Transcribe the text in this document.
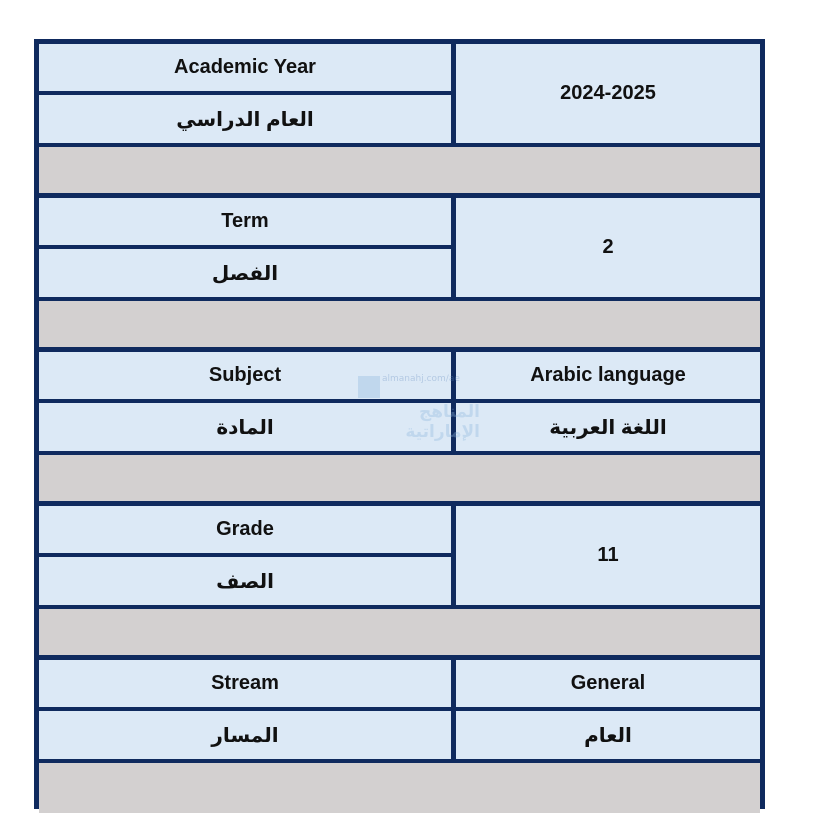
Academic Year
العام الدراسي
2024-2025
Term
الفصل
2
Subject
المادة
Arabic language
اللغة العربية
Grade
الصف
11
Stream
المسار
General
العام
almanahj.com/ae
المناهج الإماراتية
